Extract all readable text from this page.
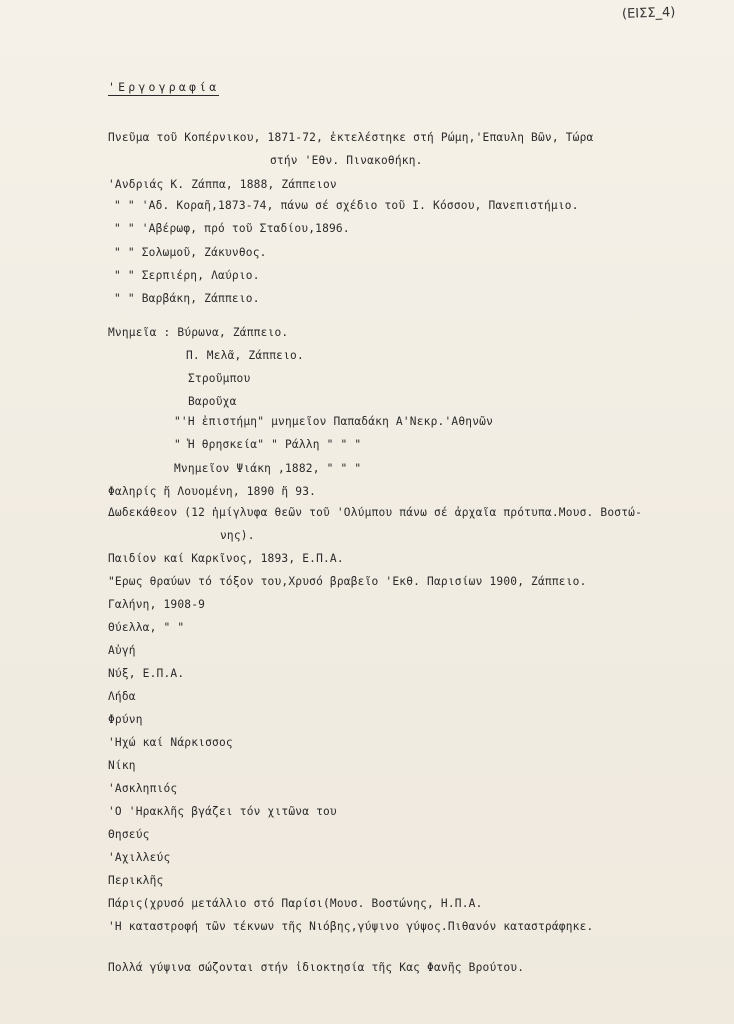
(ΕΙΣΣ_4)
'Εργογραφία
Πνεῦμα τοῦ Κοπέρνικου, 1871-72, ἐκτελέστηκε στή Ρώμη,'Επαυλη Βῶν, Τώρα
στήν 'Εθν. Πινακοθήκη.
'Ανδριάς Κ. Ζάππα, 1888, Ζάππειον
" " 'Αδ. Κοραῆ,1873-74, πάνω σέ σχέδιο τοῦ Ι. Κόσσου, Πανεπιστήμιο.
" " 'Αβέρωφ, πρό τοῦ Σταδίου,1896.
" " Σολωμοῦ, Ζάκυνθος.
" " Σερπιέρη, Λαύριο.
" " Βαρβάκη, Ζάππειο.
Μνημεῖα : Βύρωνα, Ζάππειο.
Π. Μελᾶ, Ζάππειο.
Στροῦμπου
Βαροῦχα
"'Η ἐπιστήμη" μνημεῖον Παπαδάκη Α'Νεκρ.'Αθηνῶν
" Ἡ θρησκεία" " Ράλλη " " "
Μνημεῖον Ψιάκη ,1882, " " "
Φαληρίς ἤ Λουομένη, 1890 ἤ 93.
Δωδεκάθεον (12 ἡμίγλυφα θεῶν τοῦ 'Ολύμπου πάνω σέ ἀρχαῖα πρότυπα.Μουσ. Βοστώ-
νης).
Παιδίον καί Καρκῖνος, 1893, Ε.Π.Α.
"Ερως θραύων τό τόξον του,Χρυσό βραβεῖο 'Εκθ. Παρισίων 1900, Ζάππειο.
Γαλήνη, 1908-9
Θύελλα, " "
Αὐγή
Νύξ, Ε.Π.Α.
Λήδα
Φρύνη
'Ηχώ καί Νάρκισσος
Νίκη
'Ασκληπιός
'Ο 'Ηρακλῆς βγάζει τόν χιτῶνα του
Θησεύς
'Αχιλλεύς
Περικλῆς
Πάρις(χρυσό μετάλλιο στό Παρίσι(Μουσ. Βοστώνης, Η.Π.Α.
'Η καταστροφή τῶν τέκνων τῆς Νιόβης,γύψινο γύψος.Πιθανόν καταστράφηκε.
Πολλά γύψινα σώζονται στήν ἰδιοκτησία τῆς Κας Φανῆς Βρούτου.
